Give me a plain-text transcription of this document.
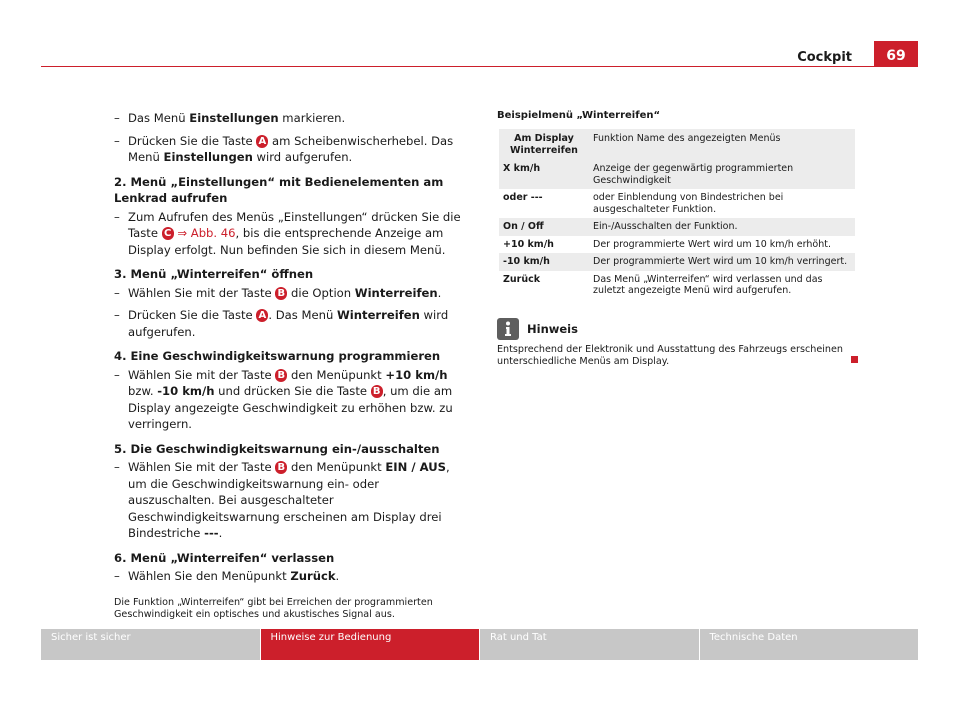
Cockpit	69
– Das Menü Einstellungen markieren.
– Drücken Sie die Taste A am Scheibenwischerhebel. Das Menü Einstellungen wird aufgerufen.
2. Menü „Einstellungen“ mit Bedienelementen am Lenkrad aufrufen
– Zum Aufrufen des Menüs „Einstellungen“ drücken Sie die Taste C ⇒ Abb. 46, bis die entsprechende Anzeige am Display erfolgt. Nun befinden Sie sich in diesem Menü.
3. Menü „Winterreifen“ öffnen
– Wählen Sie mit der Taste B die Option Winterreifen.
– Drücken Sie die Taste A . Das Menü Winterreifen wird aufgerufen.
4. Eine Geschwindigkeitswarnung programmieren
– Wählen Sie mit der Taste B den Menüpunkt +10 km/h bzw. -10 km/h und drücken Sie die Taste B , um die am Display angezeigte Geschwindigkeit zu erhöhen bzw. zu verringern.
5. Die Geschwindigkeitswarnung ein-/ausschalten
– Wählen Sie mit der Taste B den Menüpunkt EIN / AUS, um die Geschwindigkeitswarnung ein- oder auszuschalten. Bei ausgeschalteter Geschwindigkeitswarnung erscheinen am Display drei Bindestriche ---.
6. Menü „Winterreifen“ verlassen
– Wählen Sie den Menüpunkt Zurück.
Die Funktion „Winterreifen“ gibt bei Erreichen der programmierten Geschwindigkeit ein optisches und akustisches Signal aus.
Beispielmenü „Winterreifen“
Am Display Winterreifen	Funktion Name des angezeigten Menüs
X km/h	Anzeige der gegenwärtig programmierten Geschwindigkeit
oder ---	oder Einblendung von Bindestrichen bei ausgeschalteter Funktion.
On / Off	Ein-/Ausschalten der Funktion.
+10 km/h	Der programmierte Wert wird um 10 km/h erhöht.
-10 km/h	Der programmierte Wert wird um 10 km/h verringert.
Zurück	Das Menü „Winterreifen“ wird verlassen und das zuletzt angezeigte Menü wird aufgerufen.
Hinweis
Entsprechend der Elektronik und Ausstattung des Fahrzeugs erscheinen unterschiedliche Menüs am Display.
Sicher ist sicher	Hinweise zur Bedienung	Rat und Tat	Technische Daten
